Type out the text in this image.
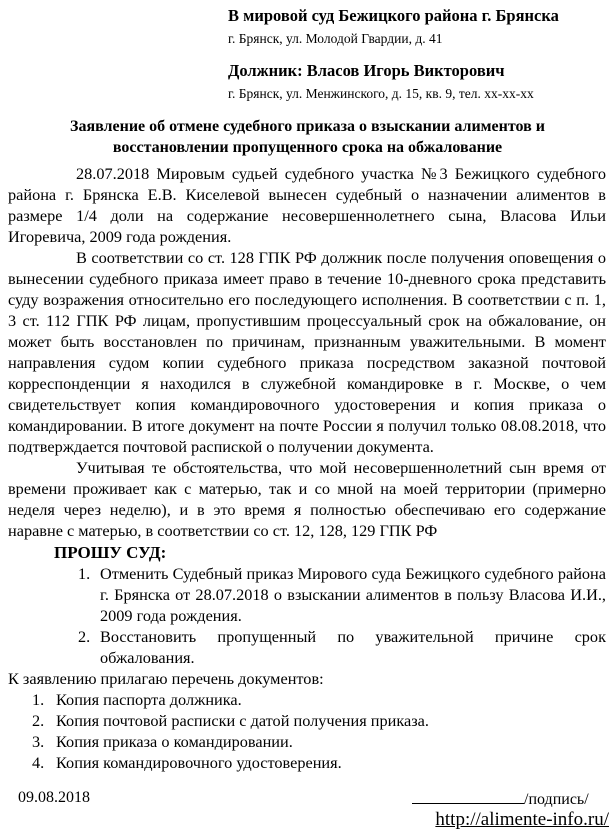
В мировой суд Бежицкого района г. Брянска
г. Брянск, ул. Молодой Гвардии, д. 41
Должник: Власов Игорь Викторович
г. Брянск, ул. Менжинского, д. 15, кв. 9, тел. хх-хх-хх
Заявление об отмене судебного приказа о взыскании алиментов и восстановлении пропущенного срока на обжалование

28.07.2018 Мировым судьей судебного участка №3 Бежицкого судебного района г. Брянска Е.В. Киселевой вынесен судебный о назначении алиментов в размере 1/4 доли на содержание несовершеннолетнего сына, Власова Ильи Игоревича, 2009 года рождения.

В соответствии со ст. 128 ГПК РФ должник после получения оповещения о вынесении судебного приказа имеет право в течение 10-дневного срока представить суду возражения относительно его последующего исполнения. В соответствии с п. 1, 3 ст. 112 ГПК РФ лицам, пропустившим процессуальный срок на обжалование, он может быть восстановлен по причинам, признанным уважительными. В момент направления судом копии судебного приказа посредством заказной почтовой корреспонденции я находился в служебной командировке в г. Москве, о чем свидетельствует копия командировочного удостоверения и копия приказа о командировании. В итоге документ на почте России я получил только 08.08.2018, что подтверждается почтовой распиской о получении документа.

Учитывая те обстоятельства, что мой несовершеннолетний сын время от времени проживает как с матерью, так и со мной на моей территории (примерно неделя через неделю), и в это время я полностью обеспечиваю его содержание наравне с матерью, в соответствии со ст. 12, 128, 129 ГПК РФ

ПРОШУ СУД:

1. Отменить Судебный приказ Мирового суда Бежицкого судебного района г. Брянска от 28.07.2018 о взыскании алиментов в пользу Власова И.И., 2009 года рождения.
2. Восстановить пропущенный по уважительной причине срок обжалования.

К заявлению прилагаю перечень документов:

1. Копия паспорта должника.
2. Копия почтовой расписки с датой получения приказа.
3. Копия приказа о командировании.
4. Копия командировочного удостоверения.
09.08.2018	/подпись/
http://alimente-info.ru/
